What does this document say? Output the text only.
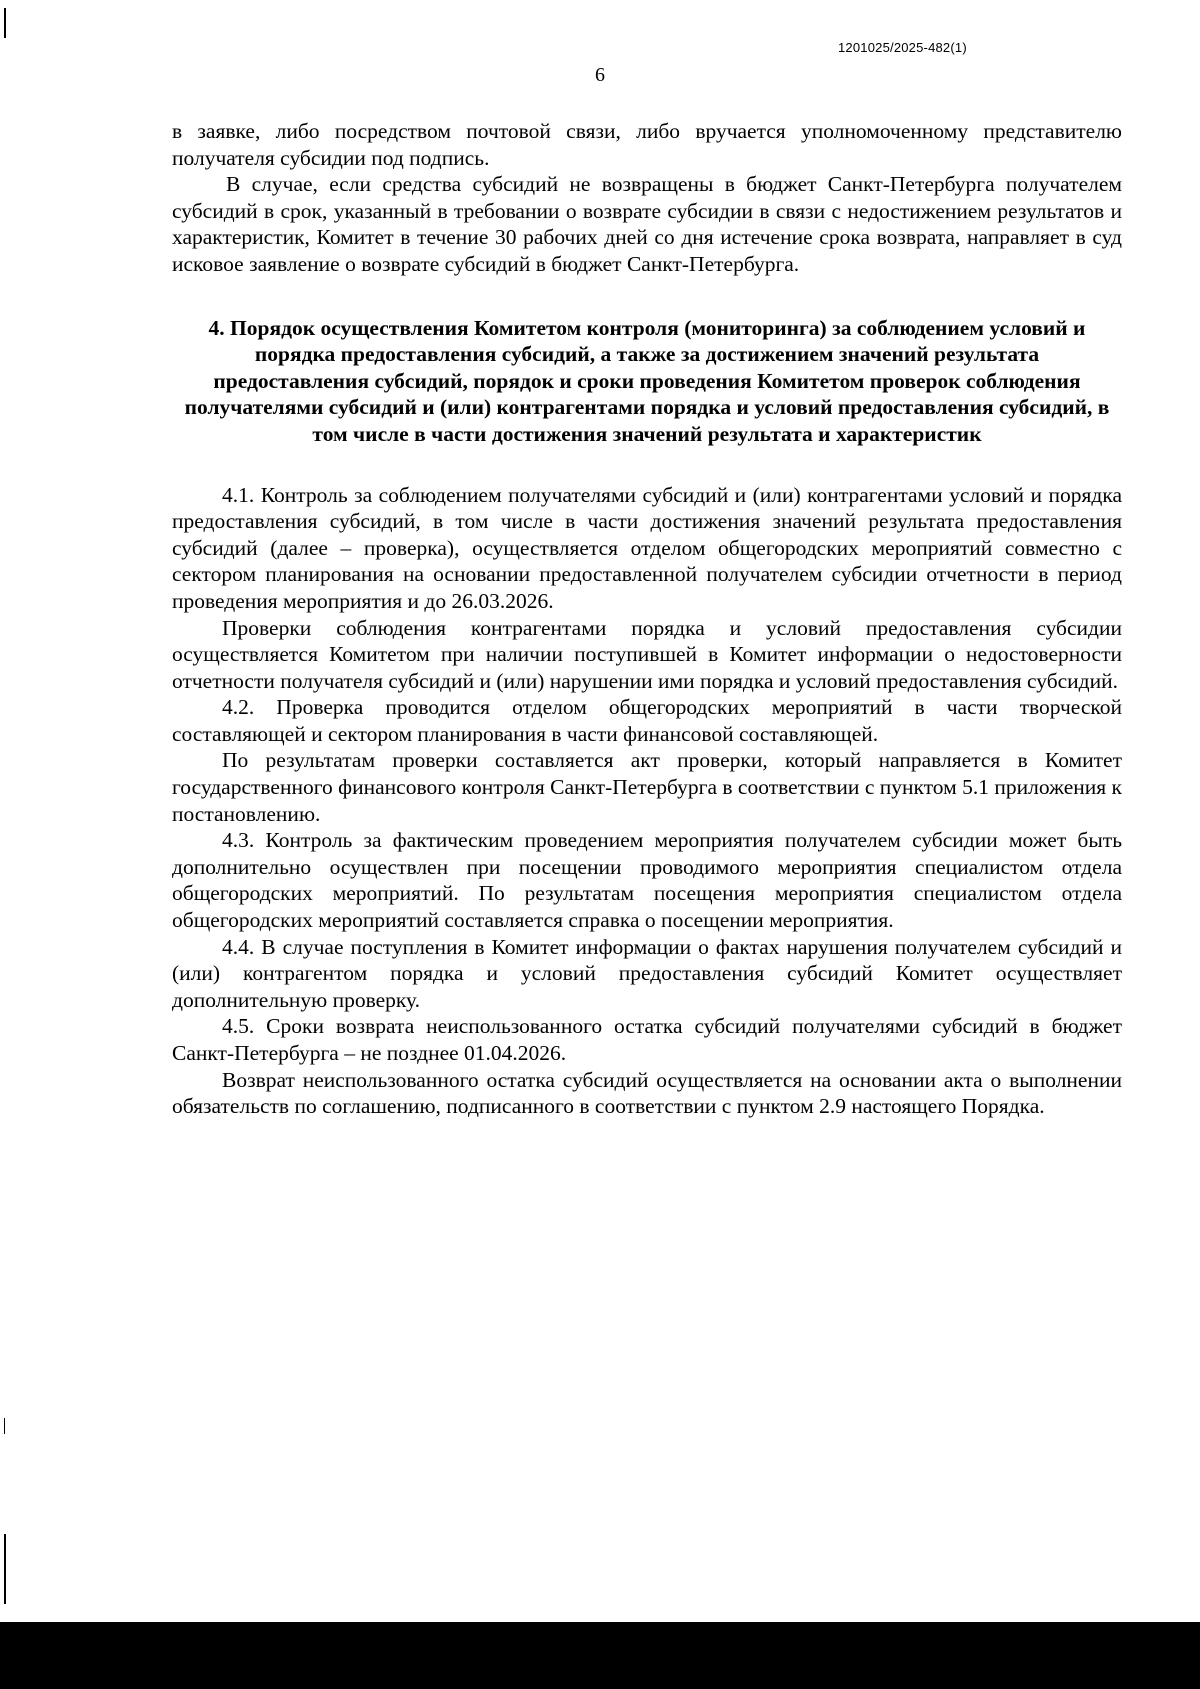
1201025/2025-482(1)
6

в заявке, либо посредством почтовой связи, либо вручается уполномоченному представителю получателя субсидии под подпись.

В случае, если средства субсидий не возвращены в бюджет Санкт-Петербурга получателем субсидий в срок, указанный в требовании о возврате субсидии в связи с недостижением результатов и характеристик, Комитет в течение 30 рабочих дней со дня истечение срока возврата, направляет в суд исковое заявление о возврате субсидий в бюджет Санкт-Петербурга.

4. Порядок осуществления Комитетом контроля (мониторинга) за соблюдением условий и порядка предоставления субсидий, а также за достижением значений результата предоставления субсидий, порядок и сроки проведения Комитетом проверок соблюдения получателями субсидий и (или) контрагентами порядка и условий предоставления субсидий, в том числе в части достижения значений результата и характеристик

4.1. Контроль за соблюдением получателями субсидий и (или) контрагентами условий и порядка предоставления субсидий, в том числе в части достижения значений результата предоставления субсидий (далее – проверка), осуществляется отделом общегородских мероприятий совместно с сектором планирования на основании предоставленной получателем субсидии отчетности в период проведения мероприятия и до 26.03.2026.

Проверки соблюдения контрагентами порядка и условий предоставления субсидии осуществляется Комитетом при наличии поступившей в Комитет информации о недостоверности отчетности получателя субсидий и (или) нарушении ими порядка и условий предоставления субсидий.

4.2. Проверка проводится отделом общегородских мероприятий в части творческой составляющей и сектором планирования в части финансовой составляющей.

По результатам проверки составляется акт проверки, который направляется в Комитет государственного финансового контроля Санкт-Петербурга в соответствии с пунктом 5.1 приложения к постановлению.

4.3. Контроль за фактическим проведением мероприятия получателем субсидии может быть дополнительно осуществлен при посещении проводимого мероприятия специалистом отдела общегородских мероприятий. По результатам посещения мероприятия специалистом отдела общегородских мероприятий составляется справка о посещении мероприятия.

4.4. В случае поступления в Комитет информации о фактах нарушения получателем субсидий и (или) контрагентом порядка и условий предоставления субсидий Комитет осуществляет дополнительную проверку.

4.5. Сроки возврата неиспользованного остатка субсидий получателями субсидий в бюджет Санкт-Петербурга – не позднее 01.04.2026.

Возврат неиспользованного остатка субсидий осуществляется на основании акта о выполнении обязательств по соглашению, подписанного в соответствии с пунктом 2.9 настоящего Порядка.
